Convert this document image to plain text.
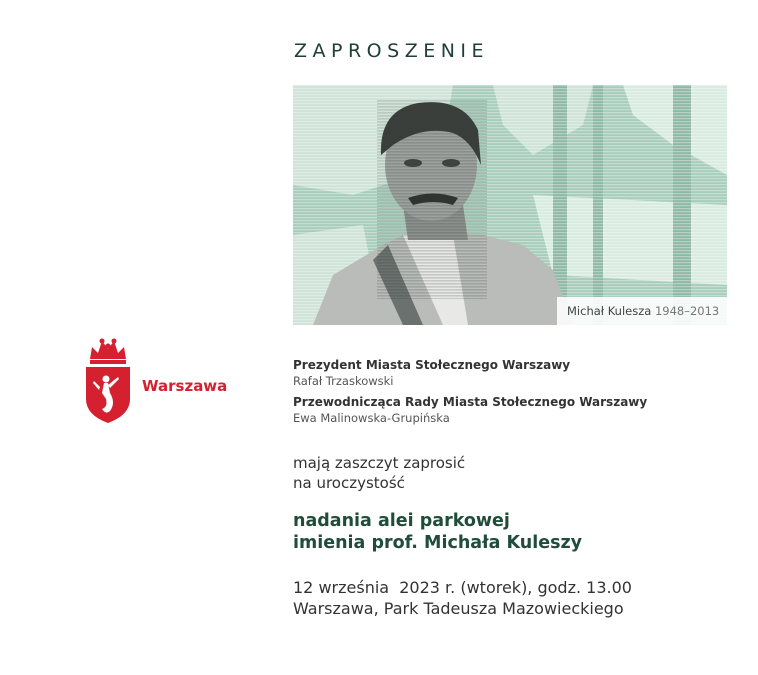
ZAPROSZENIE
Michał Kulesza 1948–2013
Warszawa
Prezydent Miasta Stołecznego Warszawy
Rafał Trzaskowski
Przewodnicząca Rady Miasta Stołecznego Warszawy
Ewa Malinowska-Grupińska
mają zaszczyt zaprosić
na uroczystość
nadania alei parkowej
imienia prof. Michała Kuleszy
12 września  2023 r. (wtorek), godz. 13.00
Warszawa, Park Tadeusza Mazowieckiego
